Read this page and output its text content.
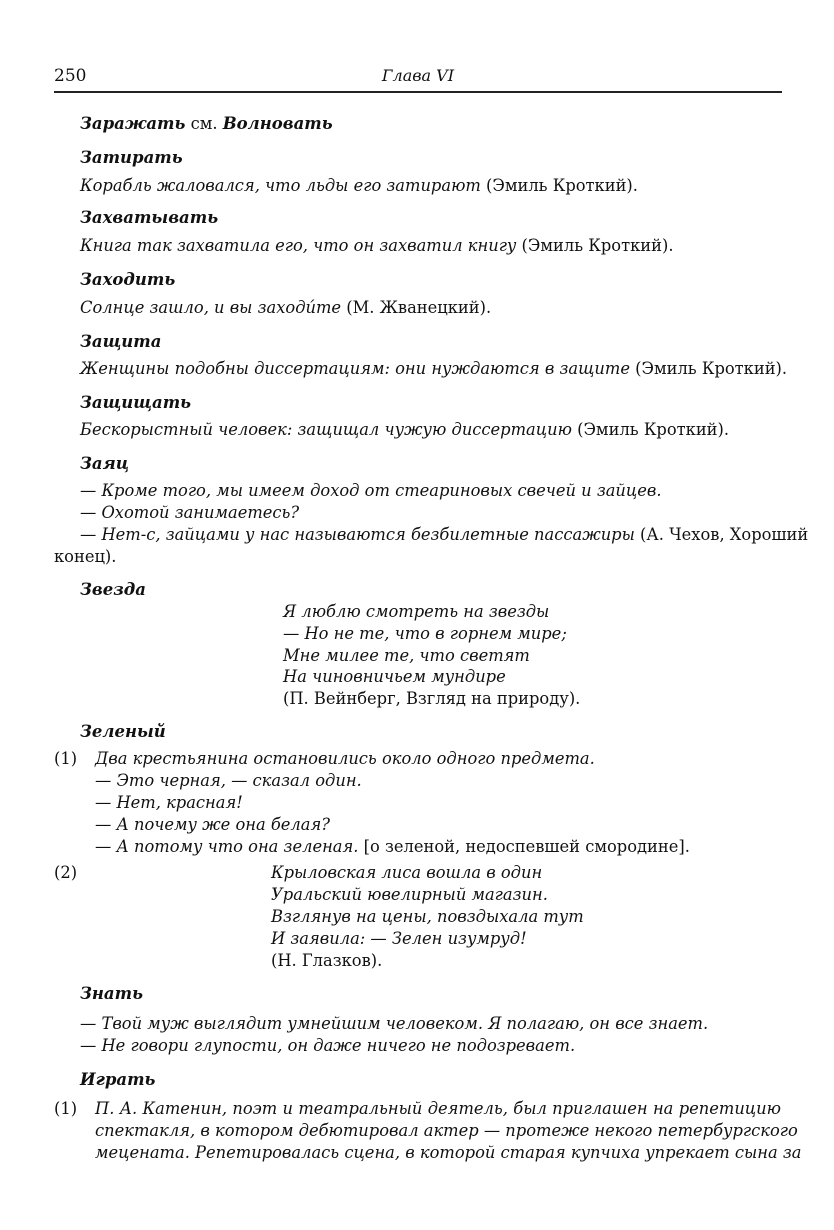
250	Глава VI
Заражать см. Волновать
Затирать
Корабль жаловался, что льды его затирают (Эмиль Кроткий).
Захватывать
Книга так захватила его, что он захватил книгу (Эмиль Кроткий).
Заходить
Солнце зашло, и вы заходи́те (М. Жванецкий).
Защита
Женщины подобны диссертациям: они нуждаются в защите (Эмиль Кроткий).
Защищать
Бескорыстный человек: защищал чужую диссертацию (Эмиль Кроткий).
Заяц
— Кроме того, мы имеем доход от стеариновых свечей и зайцев.
— Охотой занимаетесь?
— Нет-с, зайцами у нас называются безбилетные пассажиры (А. Чехов, Хороший
конец).
Звезда
Я люблю смотреть на звезды
— Но не те, что в горнем мире;
Мне милее те, что светят
На чиновничьем мундире
(П. Вейнберг, Взгляд на природу).
Зеленый
(1) Два крестьянина остановились около одного предмета.
— Это черная, — сказал один.
— Нет, красная!
— А почему же она белая?
— А потому что она зеленая. [о зеленой, недоспевшей смородине].
(2)	Крыловская лиса вошла в один
Уральский ювелирный магазин.
Взглянув на цены, повздыхала тут
И заявила: — Зелен изумруд!
(Н. Глазков).
Знать
— Твой муж выглядит умнейшим человеком. Я полагаю, он все знает.
— Не говори глупости, он даже ничего не подозревает.
Играть
(1) П. А. Катенин, поэт и театральный деятель, был приглашен на репетицию
спектакля, в котором дебютировал актер — протеже некого петербургского
мецената. Репетировалась сцена, в которой старая купчиха упрекает сына за
